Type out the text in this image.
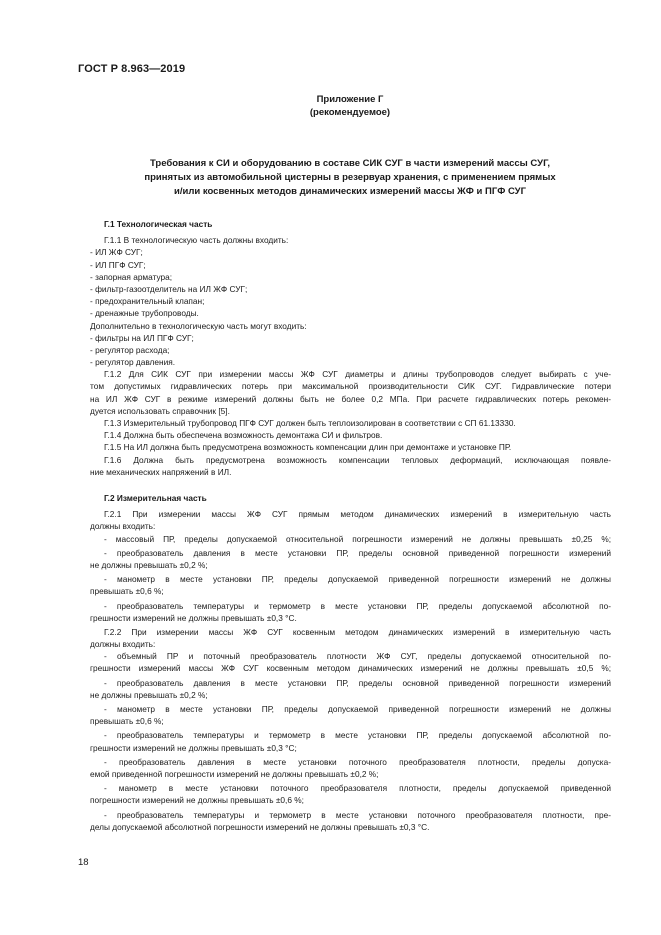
ГОСТ Р 8.963—2019
Приложение Г
(рекомендуемое)
Требования к СИ и оборудованию в составе СИК СУГ в части измерений массы СУГ,
принятых из автомобильной цистерны в резервуар хранения, с применением прямых
и/или косвенных методов динамических измерений массы ЖФ и ПГФ СУГ
Г.1 Технологическая часть
Г.1.1 В технологическую часть должны входить:
- ИЛ ЖФ СУГ;
- ИЛ ПГФ СУГ;
- запорная арматура;
- фильтр-газоотделитель на ИЛ ЖФ СУГ;
- предохранительный клапан;
- дренажные трубопроводы.
Дополнительно в технологическую часть могут входить:
- фильтры на ИЛ ПГФ СУГ;
- регулятор расхода;
- регулятор давления.
Г.1.2 Для СИК СУГ при измерении массы ЖФ СУГ диаметры и длины трубопроводов следует выбирать с уче-
том допустимых гидравлических потерь при максимальной производительности СИК СУГ. Гидравлические потери
на ИЛ ЖФ СУГ в режиме измерений должны быть не более 0,2 МПа. При расчете гидравлических потерь рекомен-
дуется использовать справочник [5].
Г.1.3 Измерительный трубопровод ПГФ СУГ должен быть теплоизолирован в соответствии с СП 61.13330.
Г.1.4 Должна быть обеспечена возможность демонтажа СИ и фильтров.
Г.1.5 На ИЛ должна быть предусмотрена возможность компенсации длин при демонтаже и установке ПР.
Г.1.6 Должна быть предусмотрена возможность компенсации тепловых деформаций, исключающая появле-
ние механических напряжений в ИЛ.
Г.2 Измерительная часть
Г.2.1 При измерении массы ЖФ СУГ прямым методом динамических измерений в измерительную часть
должны входить:
- массовый ПР, пределы допускаемой относительной погрешности измерений не должны превышать ±0,25 %;
- преобразователь давления в месте установки ПР, пределы основной приведенной погрешности измерений
не должны превышать ±0,2 %;
- манометр в месте установки ПР, пределы допускаемой приведенной погрешности измерений не должны
превышать ±0,6 %;
- преобразователь температуры и термометр в месте установки ПР, пределы допускаемой абсолютной по-
грешности измерений не должны превышать ±0,3 °С.
Г.2.2 При измерении массы ЖФ СУГ косвенным методом динамических измерений в измерительную часть
должны входить:
- объемный ПР и поточный преобразователь плотности ЖФ СУГ, пределы допускаемой относительной по-
грешности измерений массы ЖФ СУГ косвенным методом динамических измерений не должны превышать ±0,5 %;
- преобразователь давления в месте установки ПР, пределы основной приведенной погрешности измерений
не должны превышать ±0,2 %;
- манометр в месте установки ПР, пределы допускаемой приведенной погрешности измерений не должны
превышать ±0,6 %;
- преобразователь температуры и термометр в месте установки ПР, пределы допускаемой абсолютной по-
грешности измерений не должны превышать ±0,3 °С;
- преобразователь давления в месте установки поточного преобразователя плотности, пределы допуска-
емой приведенной погрешности измерений не должны превышать ±0,2 %;
- манометр в месте установки поточного преобразователя плотности, пределы допускаемой приведенной
погрешности измерений не должны превышать ±0,6 %;
- преобразователь температуры и термометр в месте установки поточного преобразователя плотности, пре-
делы допускаемой абсолютной погрешности измерений не должны превышать ±0,3 °С.
18
